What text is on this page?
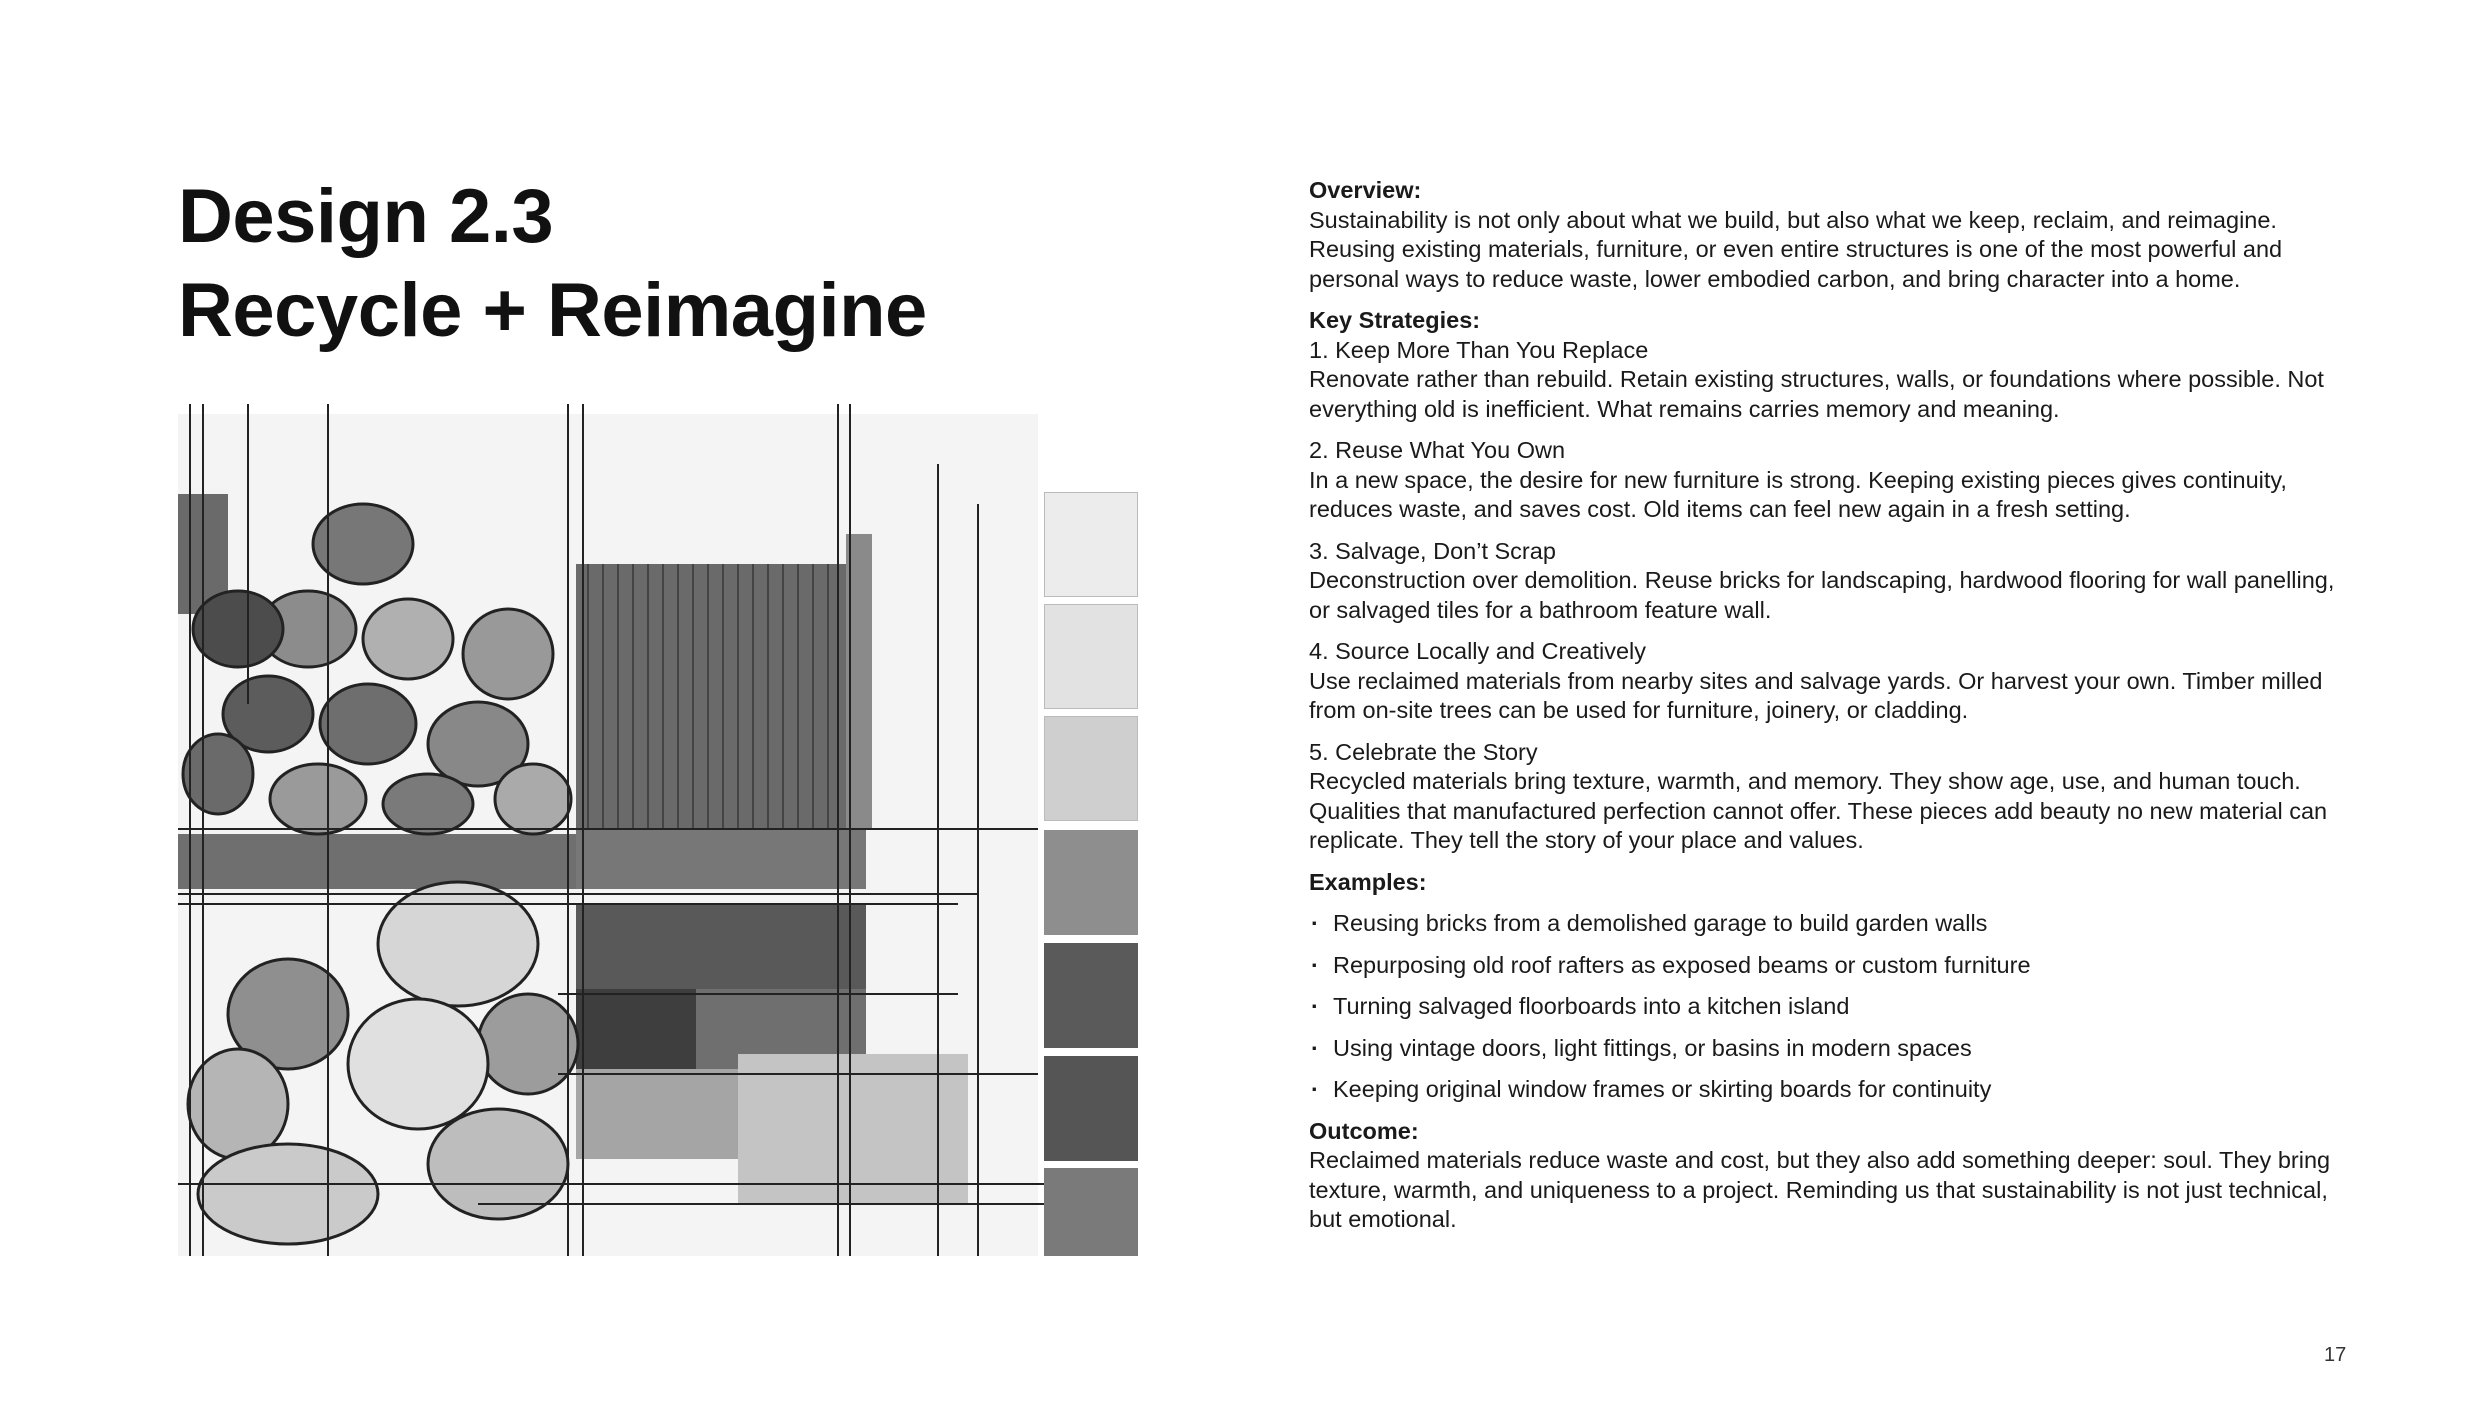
Design 2.3
Recycle + Reimagine

Overview:

Sustainability is not only about what we build, but also what we keep, reclaim, and reimagine. Reusing existing materials, furniture, or even entire structures is one of the most powerful and personal ways to reduce waste, lower embodied carbon, and bring character into a home.

Key Strategies:

1. Keep More Than You Replace

Renovate rather than rebuild. Retain existing structures, walls, or foundations where possible. Not everything old is inefficient. What remains carries memory and meaning.

2. Reuse What You Own

In a new space, the desire for new furniture is strong. Keeping existing pieces gives continuity, reduces waste, and saves cost. Old items can feel new again in a fresh setting.

3. Salvage, Don’t Scrap

Deconstruction over demolition. Reuse bricks for landscaping, hardwood flooring for wall panelling, or salvaged tiles for a bathroom feature wall.

4. Source Locally and Creatively

Use reclaimed materials from nearby sites and salvage yards. Or harvest your own. Timber milled from on-site trees can be used for furniture, joinery, or cladding.

5. Celebrate the Story

Recycled materials bring texture, warmth, and memory. They show age, use, and human touch. Qualities that manufactured perfection cannot offer. These pieces add beauty no new material can replicate. They tell the story of your place and values.

Examples:

· Reusing bricks from a demolished garage to build garden walls
· Repurposing old roof rafters as exposed beams or custom furniture
· Turning salvaged floorboards into a kitchen island
· Using vintage doors, light fittings, or basins in modern spaces
· Keeping original window frames or skirting boards for continuity

Outcome:

Reclaimed materials reduce waste and cost, but they also add something deeper: soul. They bring texture, warmth, and uniqueness to a project. Reminding us that sustainability is not just technical, but emotional.

17
